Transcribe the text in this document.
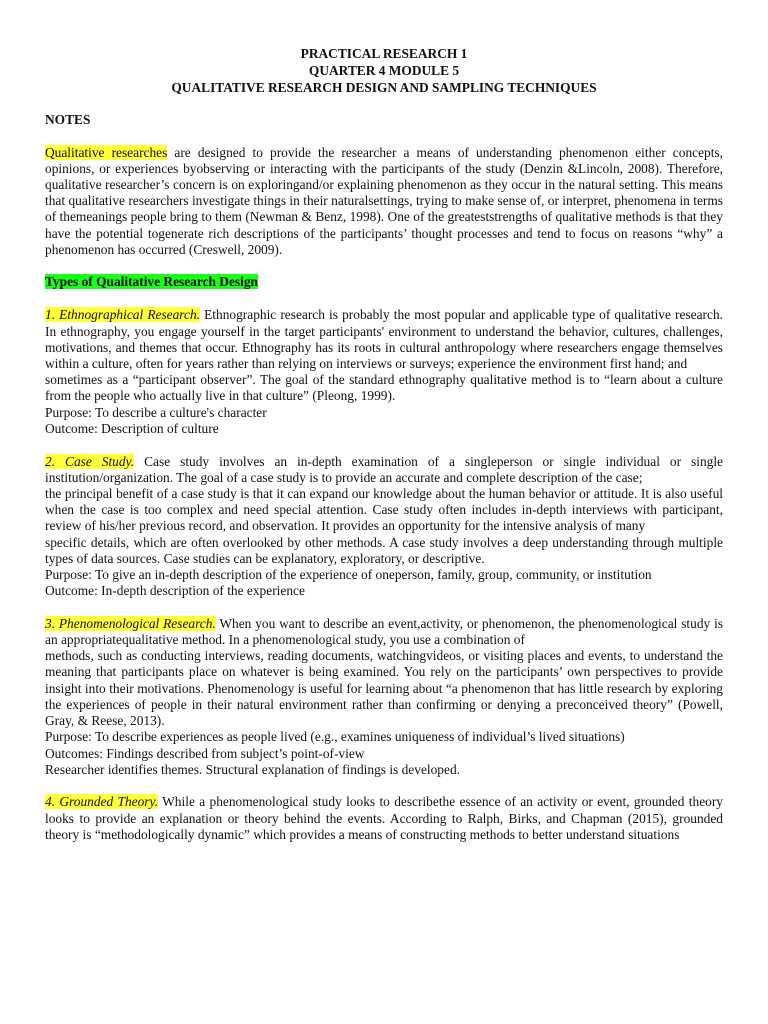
PRACTICAL RESEARCH 1

QUARTER 4 MODULE 5

QUALITATIVE RESEARCH DESIGN AND SAMPLING TECHNIQUES

NOTES

Qualitative researches are designed to provide the researcher a means of understanding phenomenon either concepts, opinions, or experiences byobserving or interacting with the participants of the study (Denzin &Lincoln, 2008). Therefore, qualitative researcher’s concern is on exploringand/or explaining phenomenon as they occur in the natural setting. This means that qualitative researchers investigate things in their naturalsettings, trying to make sense of, or interpret, phenomena in terms of themeanings people bring to them (Newman & Benz, 1998). One of the greateststrengths of qualitative methods is that they have the potential togenerate rich descriptions of the participants’ thought processes and tend to focus on reasons “why” a phenomenon has occurred (Creswell, 2009).

Types of Qualitative Research Design

1. Ethnographical Research. Ethnographic research is probably the most popular and applicable type of qualitative research. In ethnography, you engage yourself in the target participants' environment to understand the behavior, cultures, challenges, motivations, and themes that occur. Ethnography has its roots in cultural anthropology where researchers engage themselves within a culture, often for years rather than relying on interviews or surveys; experience the environment first hand; and

sometimes as a “participant observer”. The goal of the standard ethnography qualitative method is to “learn about a culture from the people who actually live in that culture” (Pleong, 1999).

Purpose: To describe a culture's character

Outcome: Description of culture

2. Case Study. Case study involves an in-depth examination of a singleperson or single individual or single institution/organization. The goal of a case study is to provide an accurate and complete description of the case;

the principal benefit of a case study is that it can expand our knowledge about the human behavior or attitude. It is also useful when the case is too complex and need special attention. Case study often includes in-depth interviews with participant, review of his/her previous record, and observation. It provides an opportunity for the intensive analysis of many

specific details, which are often overlooked by other methods. A case study involves a deep understanding through multiple types of data sources. Case studies can be explanatory, exploratory, or descriptive.

Purpose: To give an in-depth description of the experience of oneperson, family, group, community, or institution

Outcome: In-depth description of the experience

3. Phenomenological Research. When you want to describe an event,activity, or phenomenon, the phenomenological study is an appropriatequalitative method. In a phenomenological study, you use a combination of

methods, such as conducting interviews, reading documents, watchingvideos, or visiting places and events, to understand the meaning that participants place on whatever is being examined. You rely on the participants’ own perspectives to provide insight into their motivations. Phenomenology is useful for learning about “a phenomenon that has little research by exploring the experiences of people in their natural environment rather than confirming or denying a preconceived theory” (Powell, Gray, & Reese, 2013).

Purpose: To describe experiences as people lived (e.g., examines uniqueness of individual’s lived situations)

Outcomes: Findings described from subject’s point-of-view

Researcher identifies themes. Structural explanation of findings is developed.

4. Grounded Theory. While a phenomenological study looks to describethe essence of an activity or event, grounded theory looks to provide an explanation or theory behind the events. According to Ralph, Birks, and Chapman (2015), grounded theory is “methodologically dynamic” which provides a means of constructing methods to better understand situations
